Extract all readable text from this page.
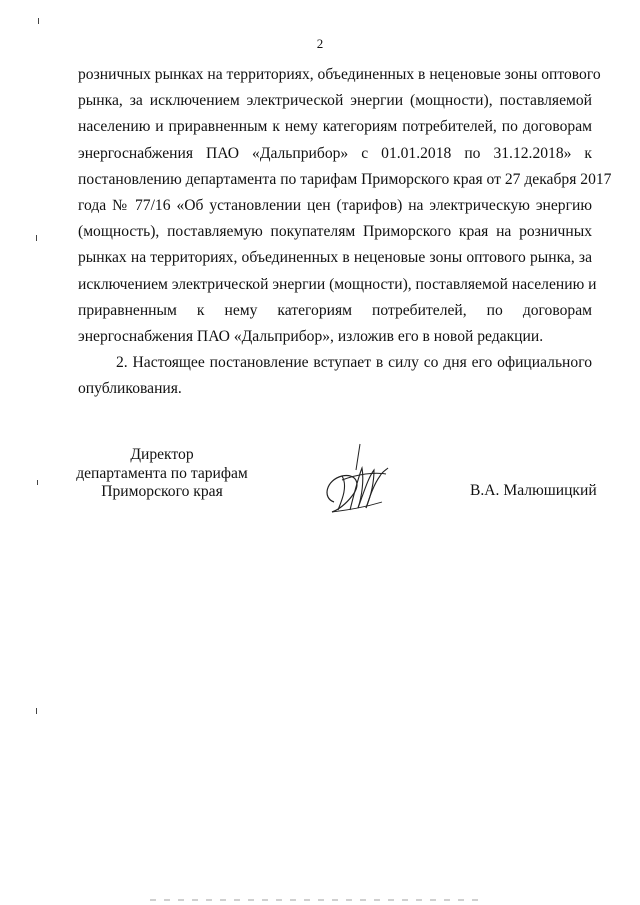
2

розничных рынках на территориях, объединенных в неценовые зоны оптового
рынка, за исключением электрической энергии (мощности), поставляемой
населению и приравненным к нему категориям потребителей, по договорам
энергоснабжения ПАО «Дальприбор» с 01.01.2018 по 31.12.2018» к
постановлению департамента по тарифам Приморского края от 27 декабря 2017
года № 77/16 «Об установлении цен (тарифов) на электрическую энергию
(мощность), поставляемую покупателям Приморского края на розничных
рынках на территориях, объединенных в неценовые зоны оптового рынка, за
исключением электрической энергии (мощности), поставляемой населению и
приравненным к нему категориям потребителей, по договорам
энергоснабжения ПАО «Дальприбор», изложив его в новой редакции.

2. Настоящее постановление вступает в силу со дня его официального
опубликования.

Директор
департамента по тарифам
Приморского края	В.А. Малюшицкий
